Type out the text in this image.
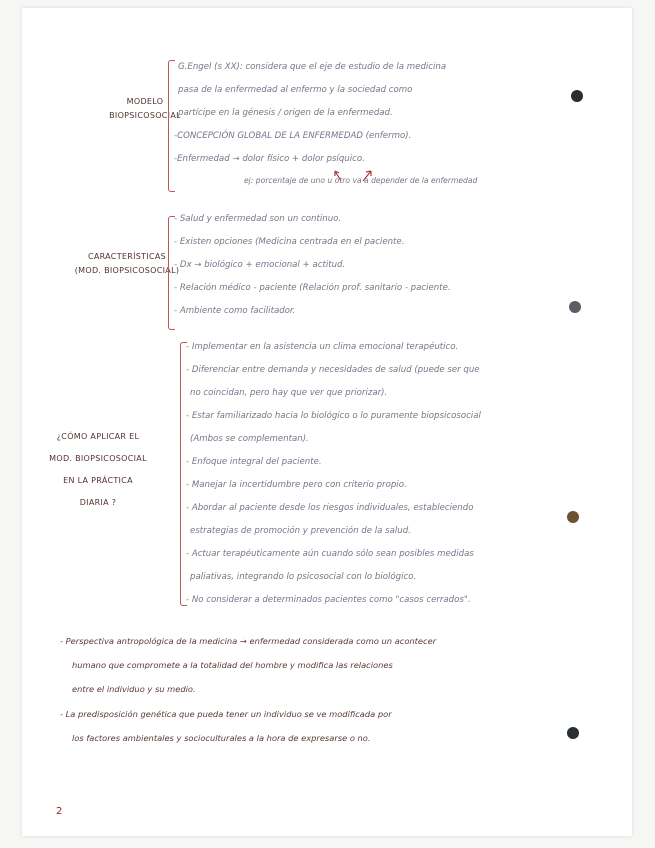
MODELO
BIOPSICOSOCIAL
G.Engel (s XX): considera que el eje de estudio de la medicina
pasa de la enfermedad al enfermo y la sociedad como
partícipe en la génesis / origen de la enfermedad.
-CONCEPCIÓN GLOBAL DE LA ENFERMEDAD (enfermo).
-Enfermedad → dolor físico + dolor psíquico.
ej: porcentaje de uno u otro va a depender de la enfermedad
CARACTERÍSTICAS
(MOD. BIOPSICOSOCIAL)
- Salud y enfermedad son un continuo.
- Existen opciones (Medicina centrada en el paciente.
- Dx → biológico + emocional + actitud.
- Relación médico - paciente (Relación prof. sanitario - paciente.
- Ambiente como facilitador.
¿CÓMO APLICAR EL
MOD. BIOPSICOSOCIAL
EN LA PRÁCTICA
DIARIA ?
- Implementar en la asistencia un clima emocional terapéutico.
- Diferenciar entre demanda y necesidades de salud (puede ser que
no coincidan, pero hay que ver que priorizar).
- Estar familiarizado hacia lo biológico o lo puramente biopsicosocial
(Ambos se complementan).
- Enfoque integral del paciente.
- Manejar la incertidumbre pero con criterio propio.
- Abordar al paciente desde los riesgos individuales, estableciendo
estrategias de promoción y prevención de la salud.
- Actuar terapéuticamente aún cuando sólo sean posibles medidas
paliativas, integrando lo psicosocial con lo biológico.
- No considerar a determinados pacientes como "casos cerrados".
- Perspectiva antropológica de la medicina → enfermedad considerada como un acontecer
humano que compromete a la totalidad del hombre y modifica las relaciones
entre el individuo y su medio.
- La predisposición genética que pueda tener un individuo se ve modificada por
los factores ambientales y socioculturales a la hora de expresarse o no.
2
